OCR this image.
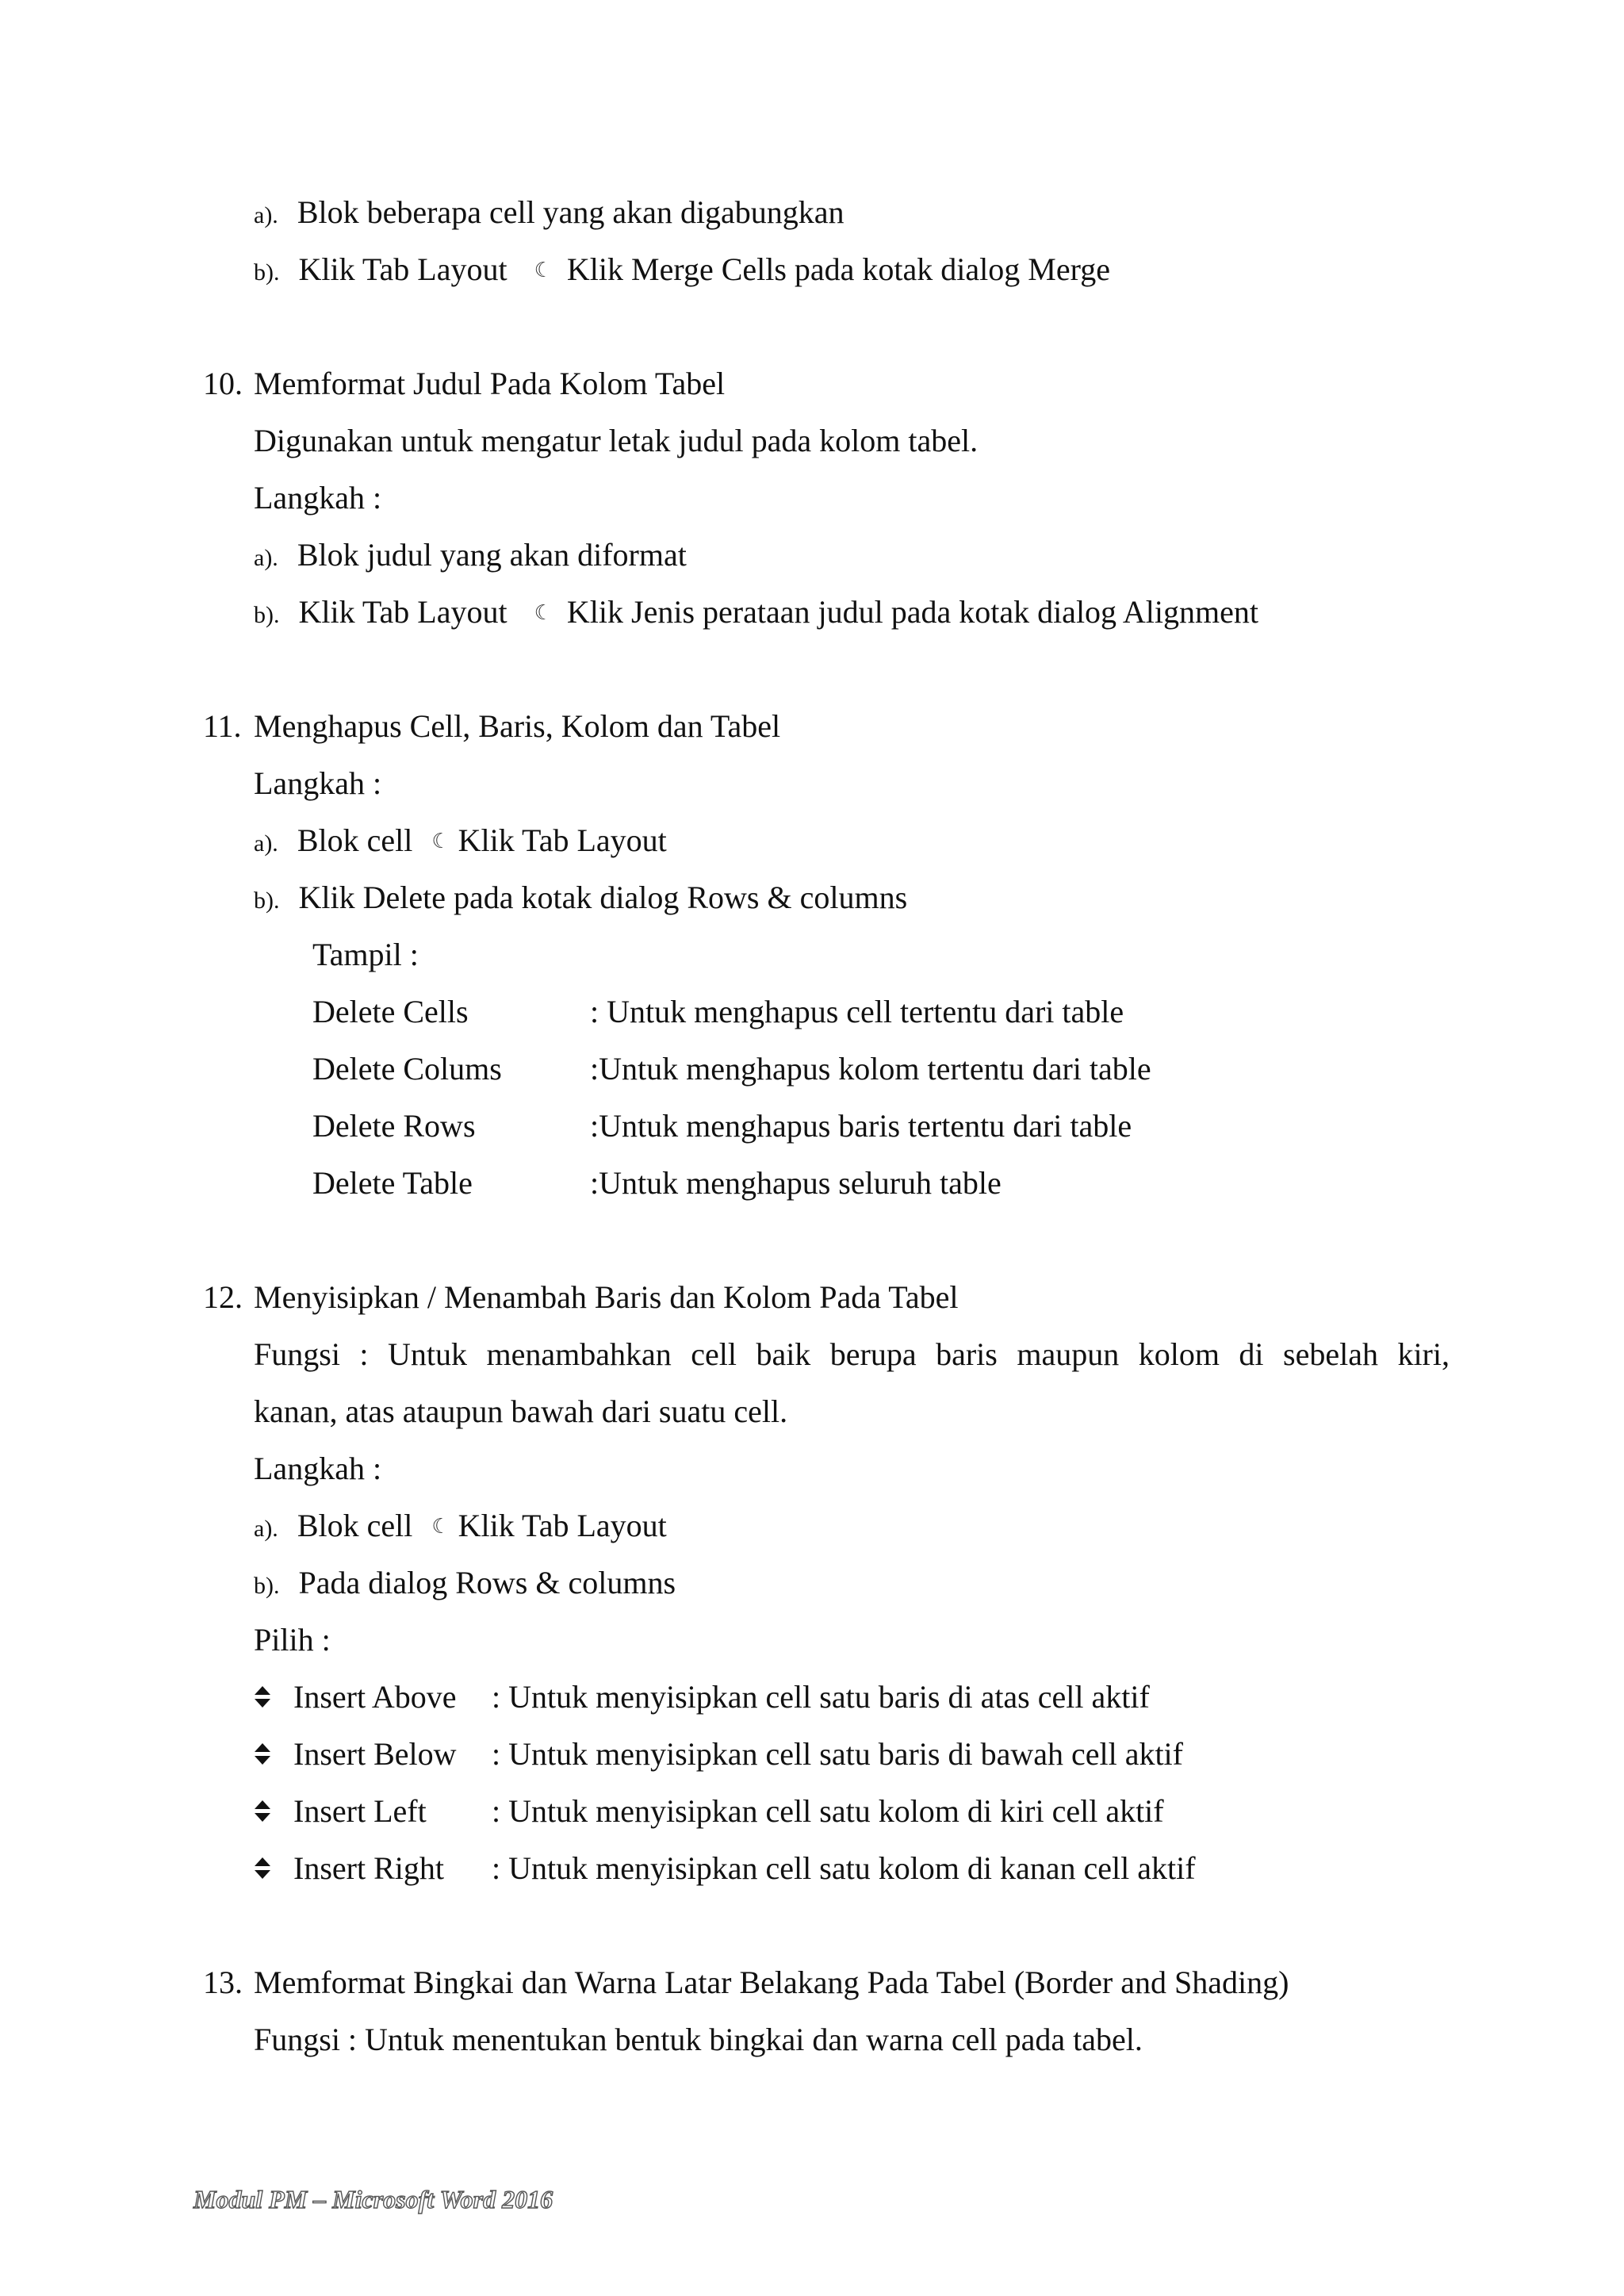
a). Blok beberapa cell yang akan digabungkan
b). Klik Tab Layout ☾ Klik Merge Cells pada kotak dialog Merge
10. Memformat Judul Pada Kolom Tabel
Digunakan untuk mengatur letak judul pada kolom tabel.
Langkah :
a). Blok judul yang akan diformat
b). Klik Tab Layout ☾ Klik Jenis perataan judul pada kotak dialog Alignment
11. Menghapus Cell, Baris, Kolom dan Tabel
Langkah :
a). Blok cell ☾ Klik Tab Layout
b). Klik Delete pada kotak dialog Rows & columns
Tampil :
Delete Cells	: Untuk menghapus cell tertentu dari table
Delete Colums	:Untuk menghapus kolom tertentu dari table
Delete Rows	:Untuk menghapus baris tertentu dari table
Delete Table	:Untuk menghapus seluruh table
12. Menyisipkan / Menambah Baris dan Kolom Pada Tabel
Fungsi : Untuk menambahkan cell baik berupa baris maupun kolom di sebelah kiri,
kanan, atas ataupun bawah dari suatu cell.
Langkah :
a). Blok cell ☾ Klik Tab Layout
b). Pada dialog Rows & columns
Pilih :
Insert Above : Untuk menyisipkan cell satu baris di atas cell aktif
Insert Below : Untuk menyisipkan cell satu baris di bawah cell aktif
Insert Left : Untuk menyisipkan cell satu kolom di kiri cell aktif
Insert Right : Untuk menyisipkan cell satu kolom di kanan cell aktif
13. Memformat Bingkai dan Warna Latar Belakang Pada Tabel (Border and Shading)
Fungsi : Untuk menentukan bentuk bingkai dan warna cell pada tabel.
Modul PM – Microsoft Word 2016
